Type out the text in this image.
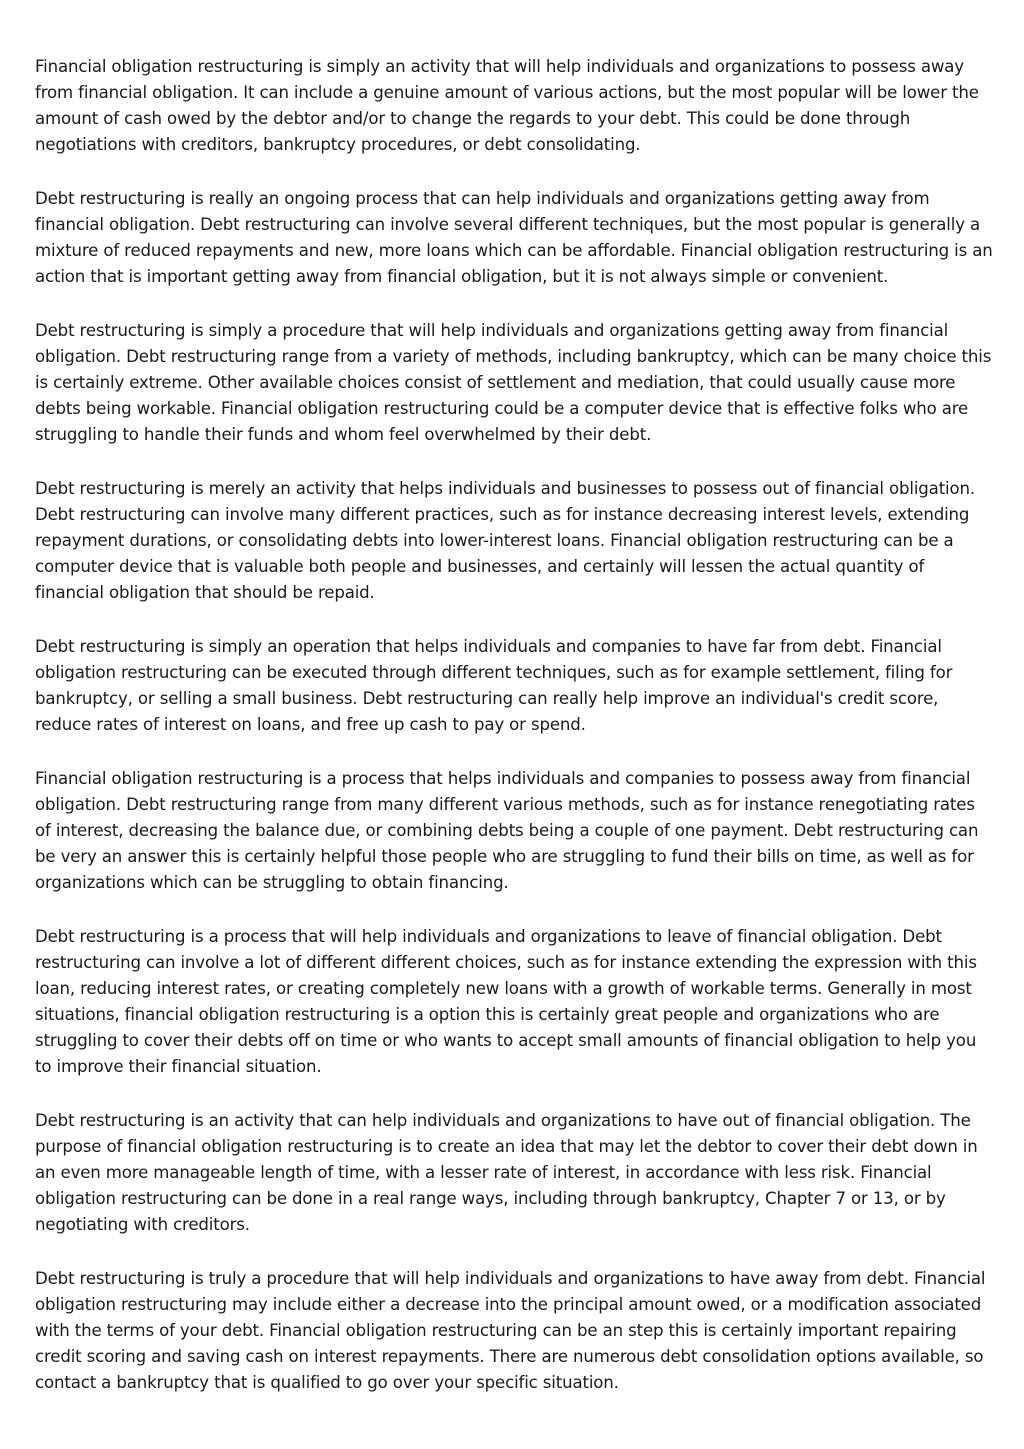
Financial obligation restructuring is simply an activity that will help individuals and organizations to possess away from financial obligation. It can include a genuine amount of various actions, but the most popular will be lower the amount of cash owed by the debtor and/or to change the regards to your debt. This could be done through negotiations with creditors, bankruptcy procedures, or debt consolidating.

Debt restructuring is really an ongoing process that can help individuals and organizations getting away from financial obligation. Debt restructuring can involve several different techniques, but the most popular is generally a mixture of reduced repayments and new, more loans which can be affordable. Financial obligation restructuring is an action that is important getting away from financial obligation, but it is not always simple or convenient.

Debt restructuring is simply a procedure that will help individuals and organizations getting away from financial obligation. Debt restructuring range from a variety of methods, including bankruptcy, which can be many choice this is certainly extreme. Other available choices consist of settlement and mediation, that could usually cause more debts being workable. Financial obligation restructuring could be a computer device that is effective folks who are struggling to handle their funds and whom feel overwhelmed by their debt.

Debt restructuring is merely an activity that helps individuals and businesses to possess out of financial obligation. Debt restructuring can involve many different practices, such as for instance decreasing interest levels, extending repayment durations, or consolidating debts into lower-interest loans. Financial obligation restructuring can be a computer device that is valuable both people and businesses, and certainly will lessen the actual quantity of financial obligation that should be repaid.

Debt restructuring is simply an operation that helps individuals and companies to have far from debt. Financial obligation restructuring can be executed through different techniques, such as for example settlement, filing for bankruptcy, or selling a small business. Debt restructuring can really help improve an individual's credit score, reduce rates of interest on loans, and free up cash to pay or spend.

Financial obligation restructuring is a process that helps individuals and companies to possess away from financial obligation. Debt restructuring range from many different various methods, such as for instance renegotiating rates of interest, decreasing the balance due, or combining debts being a couple of one payment. Debt restructuring can be very an answer this is certainly helpful those people who are struggling to fund their bills on time, as well as for organizations which can be struggling to obtain financing.

Debt restructuring is a process that will help individuals and organizations to leave of financial obligation. Debt restructuring can involve a lot of different different choices, such as for instance extending the expression with this loan, reducing interest rates, or creating completely new loans with a growth of workable terms. Generally in most situations, financial obligation restructuring is a option this is certainly great people and organizations who are struggling to cover their debts off on time or who wants to accept small amounts of financial obligation to help you to improve their financial situation.

Debt restructuring is an activity that can help individuals and organizations to have out of financial obligation. The purpose of financial obligation restructuring is to create an idea that may let the debtor to cover their debt down in an even more manageable length of time, with a lesser rate of interest, in accordance with less risk. Financial obligation restructuring can be done in a real range ways, including through bankruptcy, Chapter 7 or 13, or by negotiating with creditors.

Debt restructuring is truly a procedure that will help individuals and organizations to have away from debt. Financial obligation restructuring may include either a decrease into the principal amount owed, or a modification associated with the terms of your debt. Financial obligation restructuring can be an step this is certainly important repairing credit scoring and saving cash on interest repayments. There are numerous debt consolidation options available, so contact a bankruptcy that is qualified to go over your specific situation.
